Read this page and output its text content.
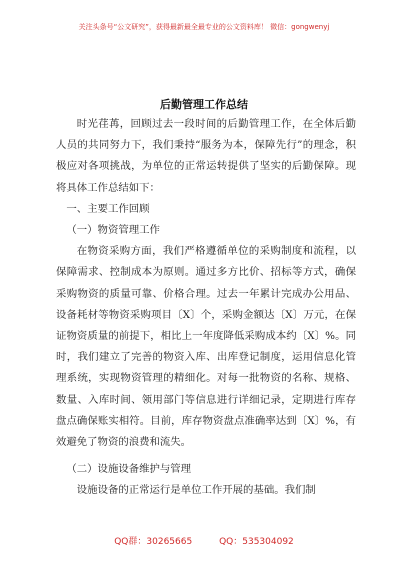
关注头条号“公文研究”，获得最新最全最专业的公文资料库！ 微信：gongwenyj
后勤管理工作总结

时光荏苒，回顾过去一段时间的后勤管理工作，在全体后勤人员的共同努力下，我们秉持“服务为本，保障先行”的理念，积极应对各项挑战，为单位的正常运转提供了坚实的后勤保障。现将具体工作总结如下：

一、主要工作回顾

（一）物资管理工作

在物资采购方面，我们严格遵循单位的采购制度和流程，以保障需求、控制成本为原则。通过多方比价、招标等方式，确保采购物资的质量可靠、价格合理。过去一年累计完成办公用品、设备耗材等物资采购项目〔X〕个，采购金额达〔X〕万元，在保证物资质量的前提下，相比上一年度降低采购成本约〔X〕%。同时，我们建立了完善的物资入库、出库登记制度，运用信息化管理系统，实现物资管理的精细化。对每一批物资的名称、规格、数量、入库时间、领用部门等信息进行详细记录，定期进行库存盘点确保账实相符。目前，库存物资盘点准确率达到〔X〕%，有效避免了物资的浪费和流失。

（二）设施设备维护与管理

设施设备的正常运行是单位工作开展的基础。我们制

QQ群：30265665	QQ：535304092
